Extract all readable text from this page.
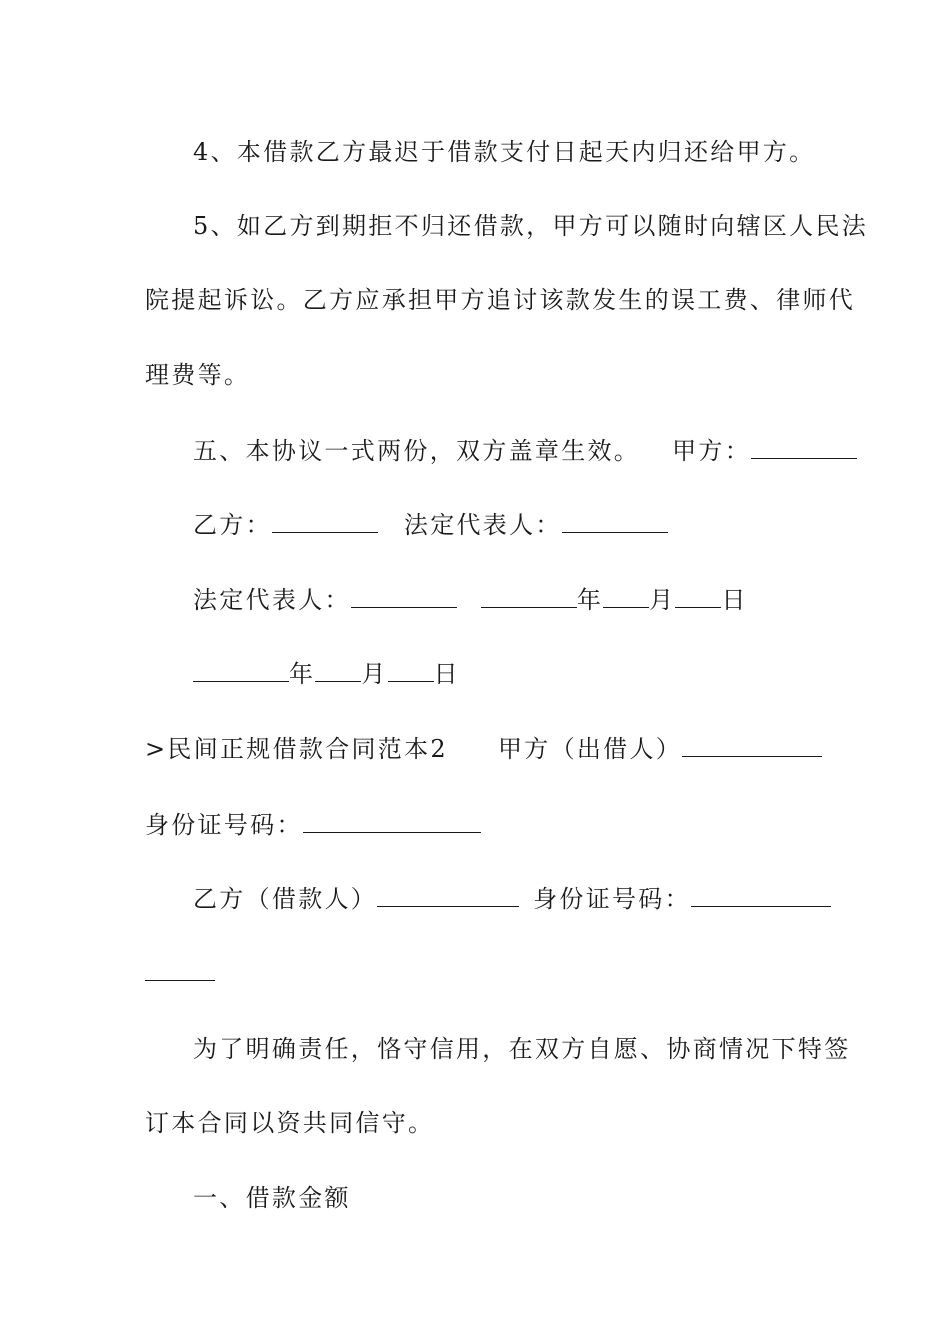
4、本借款乙方最迟于借款支付日起天内归还给甲方。
5、如乙方到期拒不归还借款，甲方可以随时向辖区人民法
院提起诉讼。乙方应承担甲方追讨该款发生的误工费、律师代
理费等。
五、本协议一式两份，双方盖章生效。 甲方：
乙方：	法定代表人：
法定代表人：	年 月 日
年 月 日
>民间正规借款合同范本2 甲方（出借人）
身份证号码：
乙方（借款人）	身份证号码：
为了明确责任，恪守信用，在双方自愿、协商情况下特签
订本合同以资共同信守。
一、借款金额
